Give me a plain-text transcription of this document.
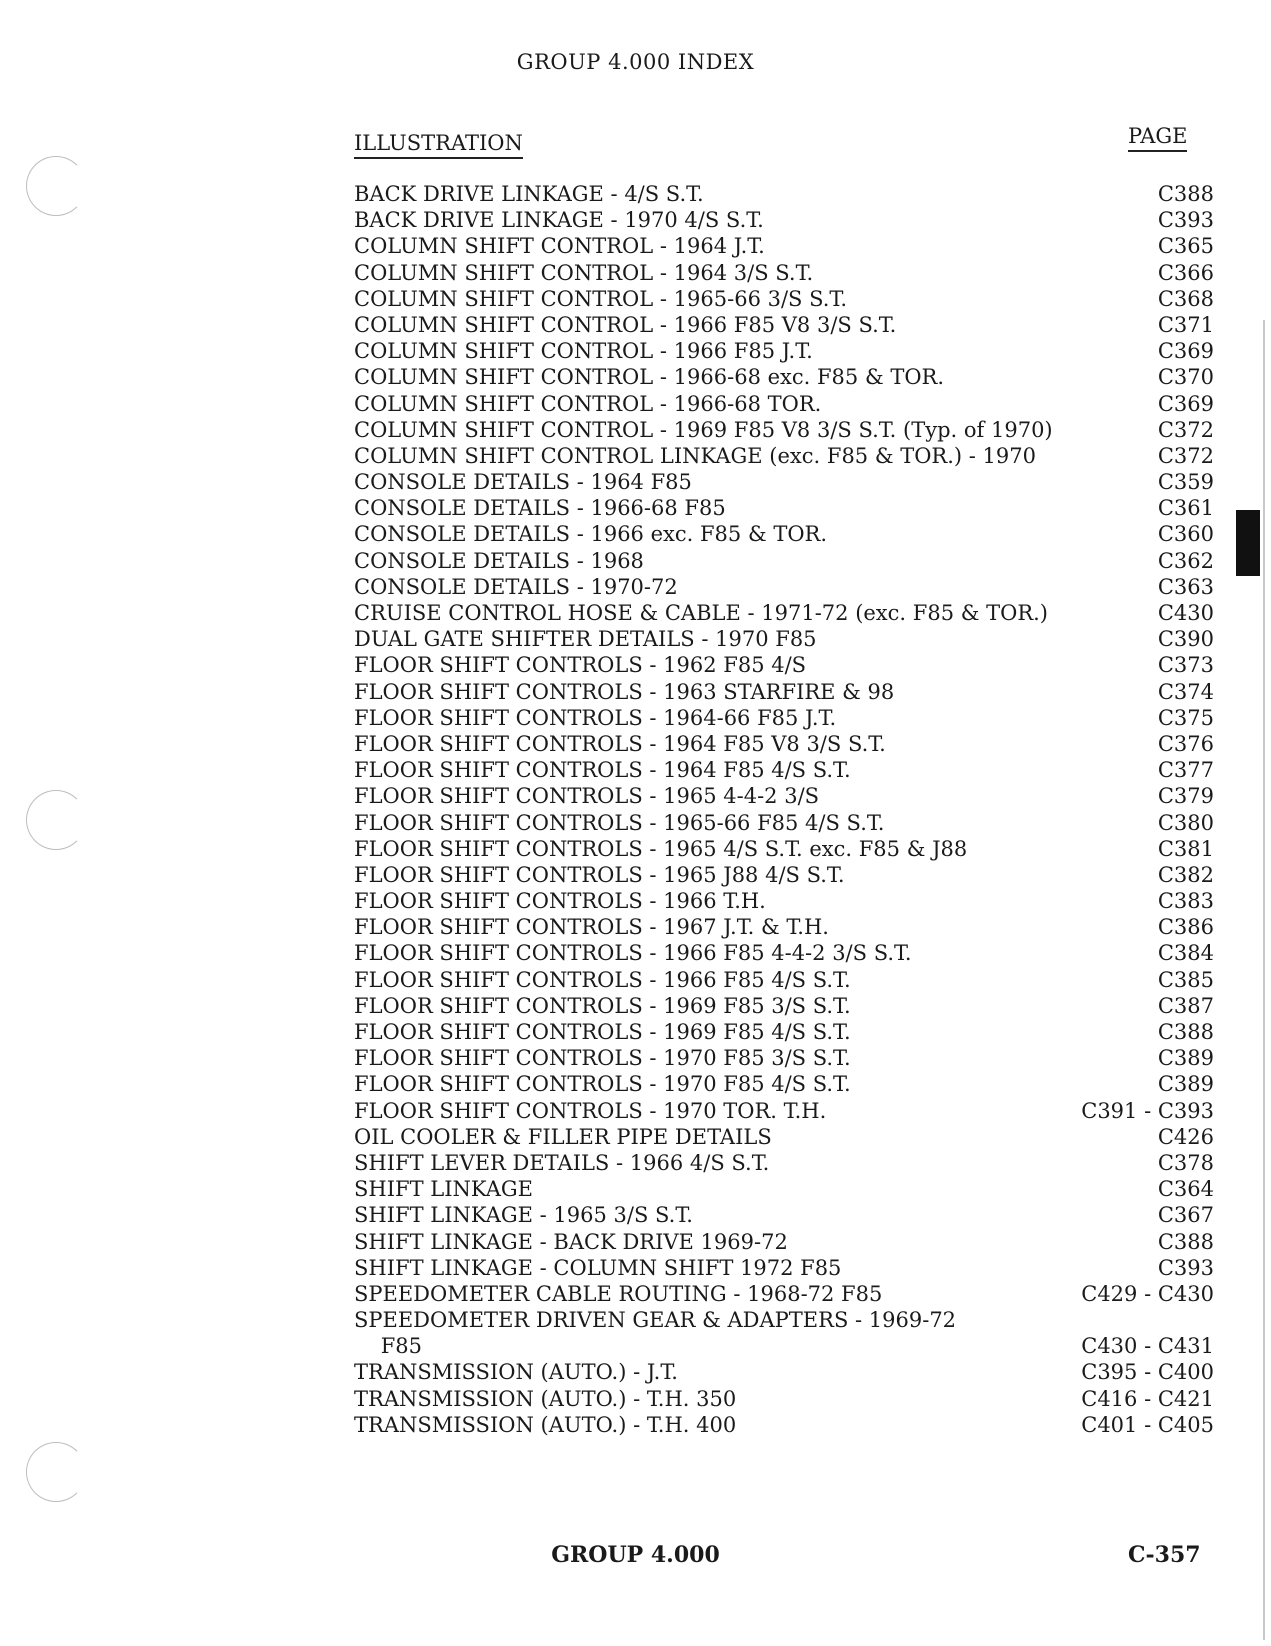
GROUP 4.000 INDEX
ILLUSTRATION	PAGE
BACK DRIVE LINKAGE - 4/S S.T.	C388
BACK DRIVE LINKAGE - 1970 4/S S.T.	C393
COLUMN SHIFT CONTROL - 1964 J.T.	C365
COLUMN SHIFT CONTROL - 1964 3/S S.T.	C366
COLUMN SHIFT CONTROL - 1965-66 3/S S.T.	C368
COLUMN SHIFT CONTROL - 1966 F85 V8 3/S S.T.	C371
COLUMN SHIFT CONTROL - 1966 F85 J.T.	C369
COLUMN SHIFT CONTROL - 1966-68 exc. F85 & TOR.	C370
COLUMN SHIFT CONTROL - 1966-68 TOR.	C369
COLUMN SHIFT CONTROL - 1969 F85 V8 3/S S.T. (Typ. of 1970)	C372
COLUMN SHIFT CONTROL LINKAGE (exc. F85 & TOR.) - 1970	C372
CONSOLE DETAILS - 1964 F85	C359
CONSOLE DETAILS - 1966-68 F85	C361
CONSOLE DETAILS - 1966 exc. F85 & TOR.	C360
CONSOLE DETAILS - 1968	C362
CONSOLE DETAILS - 1970-72	C363
CRUISE CONTROL HOSE & CABLE - 1971-72 (exc. F85 & TOR.)	C430
DUAL GATE SHIFTER DETAILS - 1970 F85	C390
FLOOR SHIFT CONTROLS - 1962 F85 4/S	C373
FLOOR SHIFT CONTROLS - 1963 STARFIRE & 98	C374
FLOOR SHIFT CONTROLS - 1964-66 F85 J.T.	C375
FLOOR SHIFT CONTROLS - 1964 F85 V8 3/S S.T.	C376
FLOOR SHIFT CONTROLS - 1964 F85 4/S S.T.	C377
FLOOR SHIFT CONTROLS - 1965 4-4-2 3/S	C379
FLOOR SHIFT CONTROLS - 1965-66 F85 4/S S.T.	C380
FLOOR SHIFT CONTROLS - 1965 4/S S.T. exc. F85 & J88	C381
FLOOR SHIFT CONTROLS - 1965 J88 4/S S.T.	C382
FLOOR SHIFT CONTROLS - 1966 T.H.	C383
FLOOR SHIFT CONTROLS - 1967 J.T. & T.H.	C386
FLOOR SHIFT CONTROLS - 1966 F85 4-4-2 3/S S.T.	C384
FLOOR SHIFT CONTROLS - 1966 F85 4/S S.T.	C385
FLOOR SHIFT CONTROLS - 1969 F85 3/S S.T.	C387
FLOOR SHIFT CONTROLS - 1969 F85 4/S S.T.	C388
FLOOR SHIFT CONTROLS - 1970 F85 3/S S.T.	C389
FLOOR SHIFT CONTROLS - 1970 F85 4/S S.T.	C389
FLOOR SHIFT CONTROLS - 1970 TOR. T.H.	C391 - C393
OIL COOLER & FILLER PIPE DETAILS	C426
SHIFT LEVER DETAILS - 1966 4/S S.T.	C378
SHIFT LINKAGE	C364
SHIFT LINKAGE - 1965 3/S S.T.	C367
SHIFT LINKAGE - BACK DRIVE 1969-72	C388
SHIFT LINKAGE - COLUMN SHIFT 1972 F85	C393
SPEEDOMETER CABLE ROUTING - 1968-72 F85	C429 - C430
SPEEDOMETER DRIVEN GEAR & ADAPTERS - 1969-72
F85	C430 - C431
TRANSMISSION (AUTO.) - J.T.	C395 - C400
TRANSMISSION (AUTO.) - T.H. 350	C416 - C421
TRANSMISSION (AUTO.) - T.H. 400	C401 - C405
GROUP 4.000	C-357
